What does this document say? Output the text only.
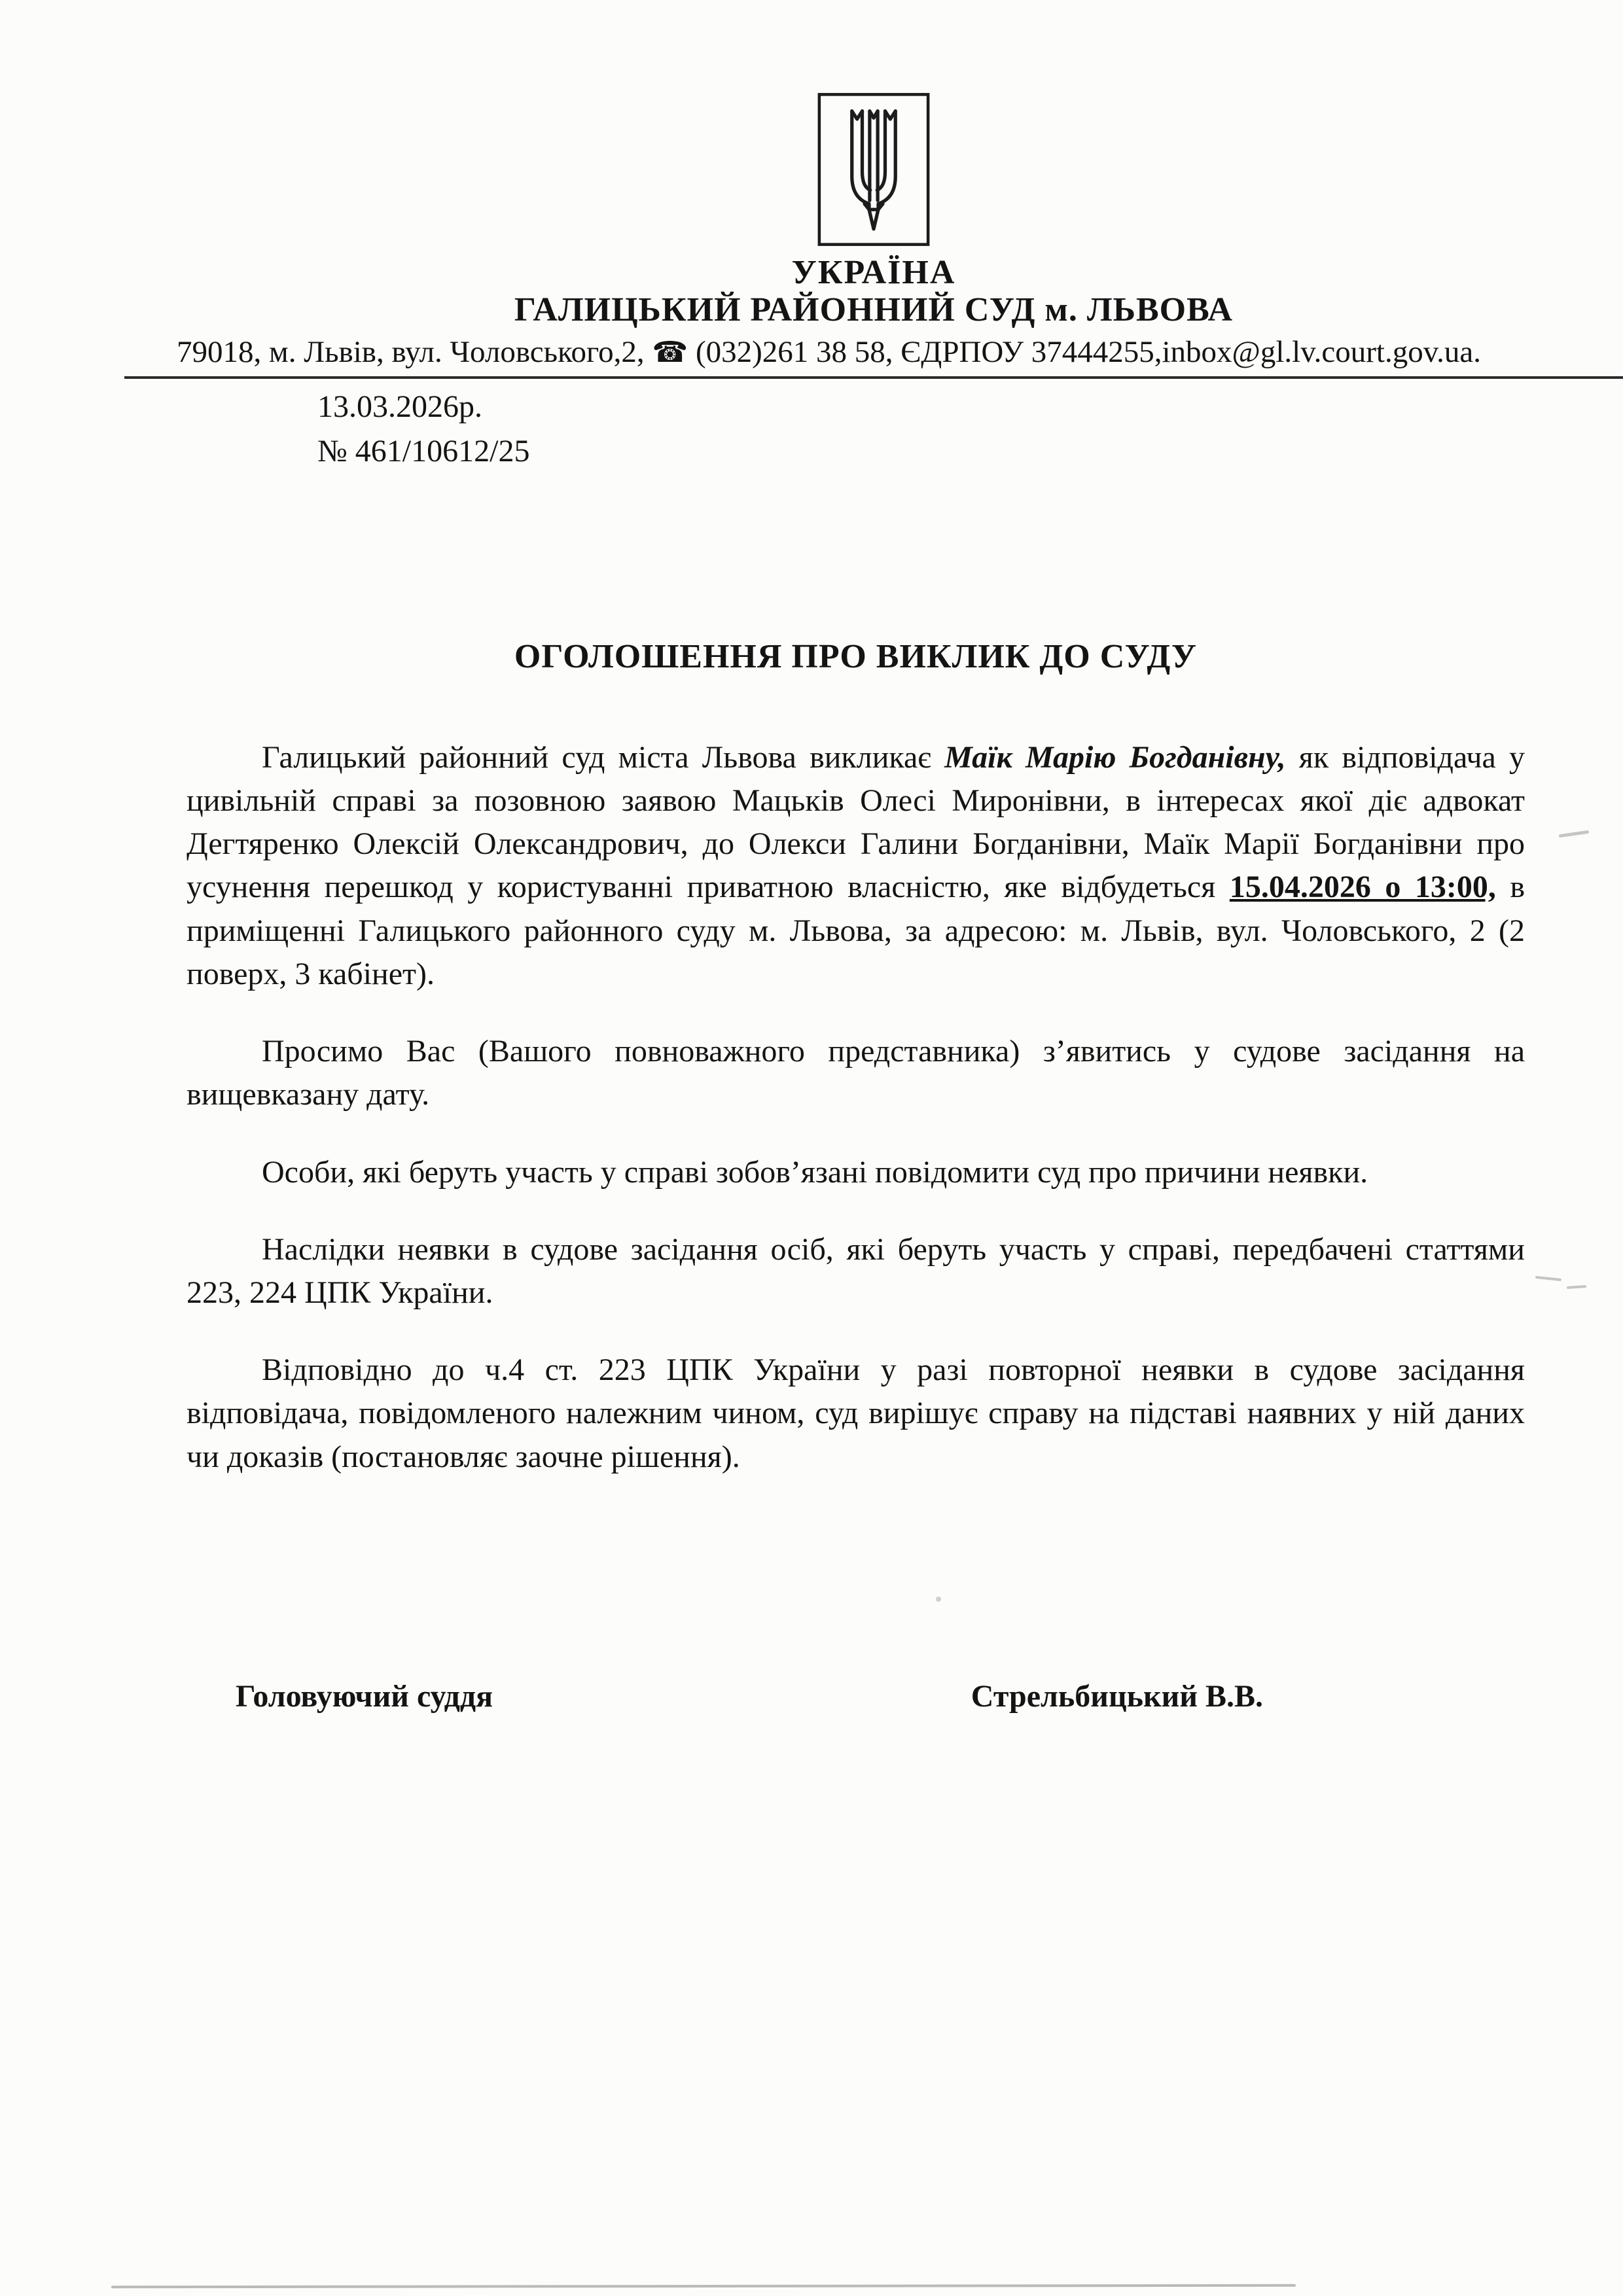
УКРАЇНА
ГАЛИЦЬКИЙ РАЙОННИЙ СУД м. ЛЬВОВА
79018, м. Львів, вул. Чоловського,2, ☎ (032)261 38 58, ЄДРПОУ 37444255,inbox@gl.lv.court.gov.ua.
13.03.2026р.
№ 461/10612/25
ОГОЛОШЕННЯ ПРО ВИКЛИК ДО СУДУ

Галицький районний суд міста Львова викликає Маїк Марію Богданівну, як відповідача у цивільній справі за позовною заявою Мацьків Олесі Миронівни, в інтересах якої діє адвокат Дегтяренко Олексій Олександрович, до Олекси Галини Богданівни, Маїк Марії Богданівни про усунення перешкод у користуванні приватною власністю, яке відбудеться 15.04.2026 о 13:00, в приміщенні Галицького районного суду м. Львова, за адресою: м. Львів, вул. Чоловського, 2 (2 поверх, 3 кабінет).

Просимо Вас (Вашого повноважного представника) з’явитись у судове засідання на вищевказану дату.

Особи, які беруть участь у справі зобов’язані повідомити суд про причини неявки.

Наслідки неявки в судове засідання осіб, які беруть участь у справі, передбачені статтями 223, 224 ЦПК України.

Відповідно до ч.4 ст. 223 ЦПК України у разі повторної неявки в судове засідання відповідача, повідомленого належним чином, суд вирішує справу на підставі наявних у ній даних чи доказів (постановляє заочне рішення).

Головуючий суддя	Стрельбицький В.В.
